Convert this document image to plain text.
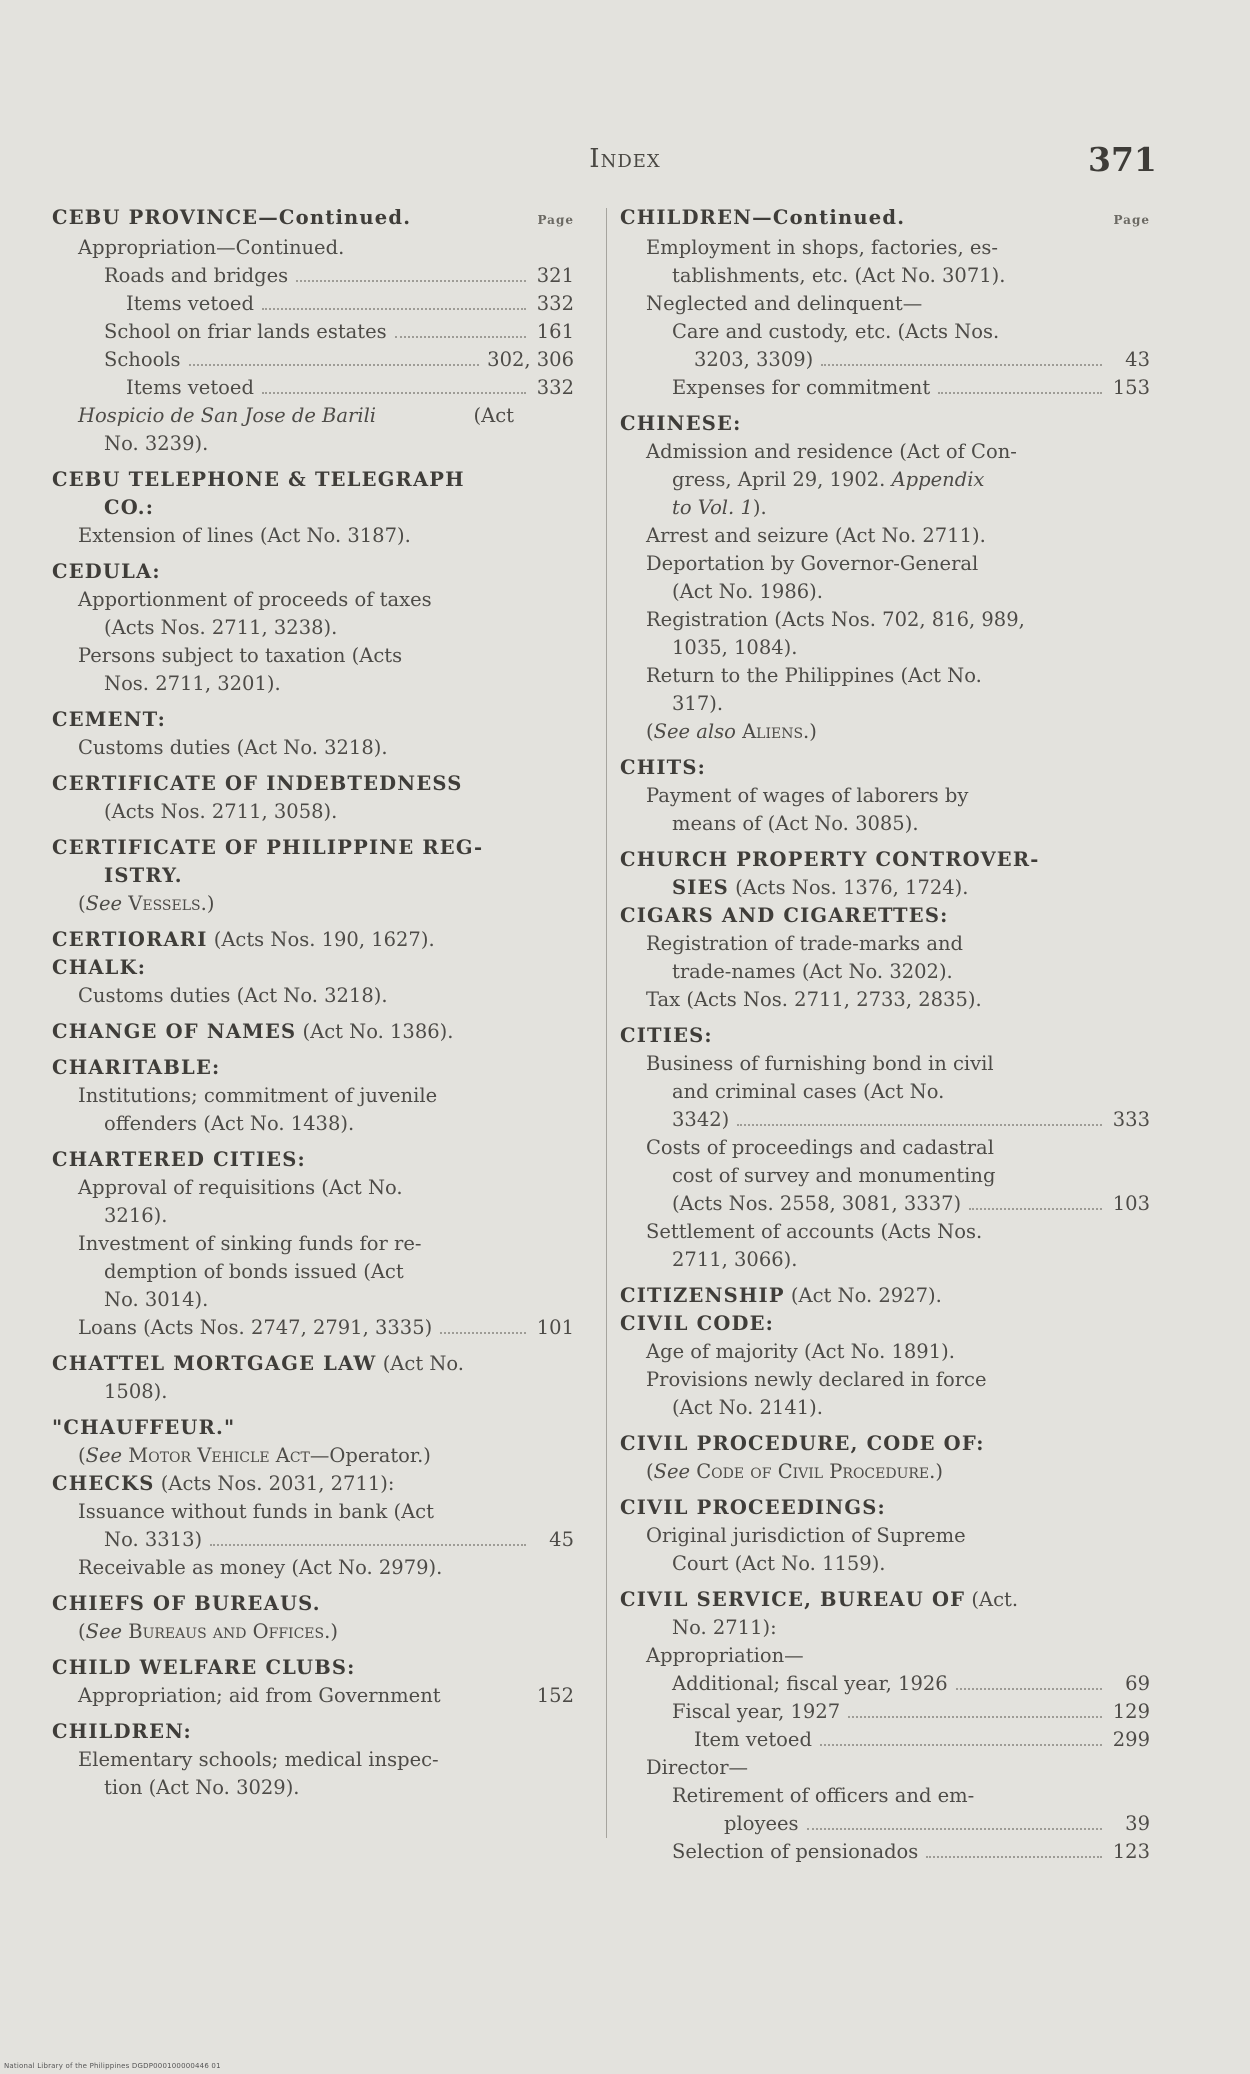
Index	371
CEBU PROVINCE—Continued.	Page
Appropriation—Continued.
Roads and bridges	321
Items vetoed	332
School on friar lands estates	161
Schools	302, 306
Items vetoed	332
Hospicio de San Jose de Barili	(Act
No. 3239).
CEBU TELEPHONE & TELEGRAPH
CO.:
Extension of lines (Act No. 3187).
CEDULA:
Apportionment of proceeds of taxes
(Acts Nos. 2711, 3238).
Persons subject to taxation (Acts
Nos. 2711, 3201).
CEMENT:
Customs duties (Act No. 3218).
CERTIFICATE OF INDEBTEDNESS
(Acts Nos. 2711, 3058).
CERTIFICATE OF PHILIPPINE REG-
ISTRY.
(See Vessels.)
CERTIORARI (Acts Nos. 190, 1627).
CHALK:
Customs duties (Act No. 3218).
CHANGE OF NAMES (Act No. 1386).
CHARITABLE:
Institutions; commitment of juvenile
offenders (Act No. 1438).
CHARTERED CITIES:
Approval of requisitions (Act No.
3216).
Investment of sinking funds for re-
demption of bonds issued (Act
No. 3014).
Loans (Acts Nos. 2747, 2791, 3335)	101
CHATTEL MORTGAGE LAW (Act No.
1508).
"CHAUFFEUR."
(See Motor Vehicle Act—Operator.)
CHECKS (Acts Nos. 2031, 2711):
Issuance without funds in bank (Act
No. 3313)	45
Receivable as money (Act No. 2979).
CHIEFS OF BUREAUS.
(See Bureaus and Offices.)
CHILD WELFARE CLUBS:
Appropriation; aid from Government	152
CHILDREN:
Elementary schools; medical inspec-
tion (Act No. 3029).
CHILDREN—Continued.	Page
Employment in shops, factories, es-
tablishments, etc. (Act No. 3071).
Neglected and delinquent—
Care and custody, etc. (Acts Nos.
3203, 3309)	43
Expenses for commitment	153
CHINESE:
Admission and residence (Act of Con-
gress, April 29, 1902. Appendix
to Vol. 1).
Arrest and seizure (Act No. 2711).
Deportation by Governor-General
(Act No. 1986).
Registration (Acts Nos. 702, 816, 989,
1035, 1084).
Return to the Philippines (Act No.
317).
(See also Aliens.)
CHITS:
Payment of wages of laborers by
means of (Act No. 3085).
CHURCH PROPERTY CONTROVER-
SIES (Acts Nos. 1376, 1724).
CIGARS AND CIGARETTES:
Registration of trade-marks and
trade-names (Act No. 3202).
Tax (Acts Nos. 2711, 2733, 2835).
CITIES:
Business of furnishing bond in civil
and criminal cases (Act No.
3342)	333
Costs of proceedings and cadastral
cost of survey and monumenting
(Acts Nos. 2558, 3081, 3337)	103
Settlement of accounts (Acts Nos.
2711, 3066).
CITIZENSHIP (Act No. 2927).
CIVIL CODE:
Age of majority (Act No. 1891).
Provisions newly declared in force
(Act No. 2141).
CIVIL PROCEDURE, CODE OF:
(See Code of Civil Procedure.)
CIVIL PROCEEDINGS:
Original jurisdiction of Supreme
Court (Act No. 1159).
CIVIL SERVICE, BUREAU OF (Act.
No. 2711):
Appropriation—
Additional; fiscal year, 1926	69
Fiscal year, 1927	129
Item vetoed	299
Director—
Retirement of officers and em-
ployees	39
Selection of pensionados	123
National Library of the Philippines DGDP000100000446 01
